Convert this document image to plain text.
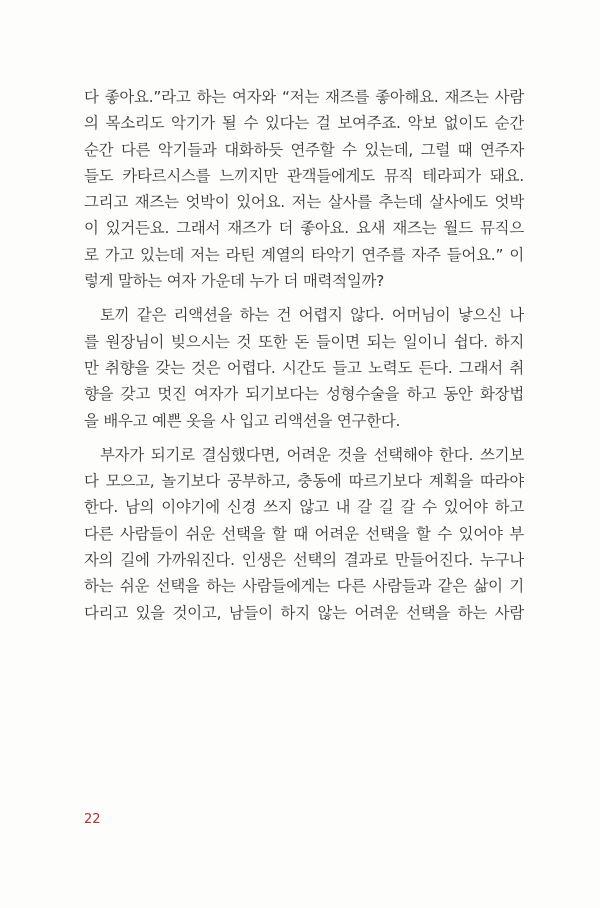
다 좋아요.”라고 하는 여자와 “저는 재즈를 좋아해요. 재즈는 사람
의 목소리도 악기가 될 수 있다는 걸 보여주죠. 악보 없이도 순간
순간 다른 악기들과 대화하듯 연주할 수 있는데, 그럴 때 연주자
들도 카타르시스를 느끼지만 관객들에게도 뮤직 테라피가 돼요.
그리고 재즈는 엇박이 있어요. 저는 살사를 추는데 살사에도 엇박
이 있거든요. 그래서 재즈가 더 좋아요. 요새 재즈는 월드 뮤직으
로 가고 있는데 저는 라틴 계열의 타악기 연주를 자주 들어요.” 이
렇게 말하는 여자 가운데 누가 더 매력적일까?
토끼 같은 리액션을 하는 건 어렵지 않다. 어머님이 낳으신 나
를 원장님이 빚으시는 것 또한 돈 들이면 되는 일이니 쉽다. 하지
만 취향을 갖는 것은 어렵다. 시간도 들고 노력도 든다. 그래서 취
향을 갖고 멋진 여자가 되기보다는 성형수술을 하고 동안 화장법
을 배우고 예쁜 옷을 사 입고 리액션을 연구한다.
부자가 되기로 결심했다면, 어려운 것을 선택해야 한다. 쓰기보
다 모으고, 놀기보다 공부하고, 충동에 따르기보다 계획을 따라야
한다. 남의 이야기에 신경 쓰지 않고 내 갈 길 갈 수 있어야 하고
다른 사람들이 쉬운 선택을 할 때 어려운 선택을 할 수 있어야 부
자의 길에 가까워진다. 인생은 선택의 결과로 만들어진다. 누구나
하는 쉬운 선택을 하는 사람들에게는 다른 사람들과 같은 삶이 기
다리고 있을 것이고, 남들이 하지 않는 어려운 선택을 하는 사람
22
